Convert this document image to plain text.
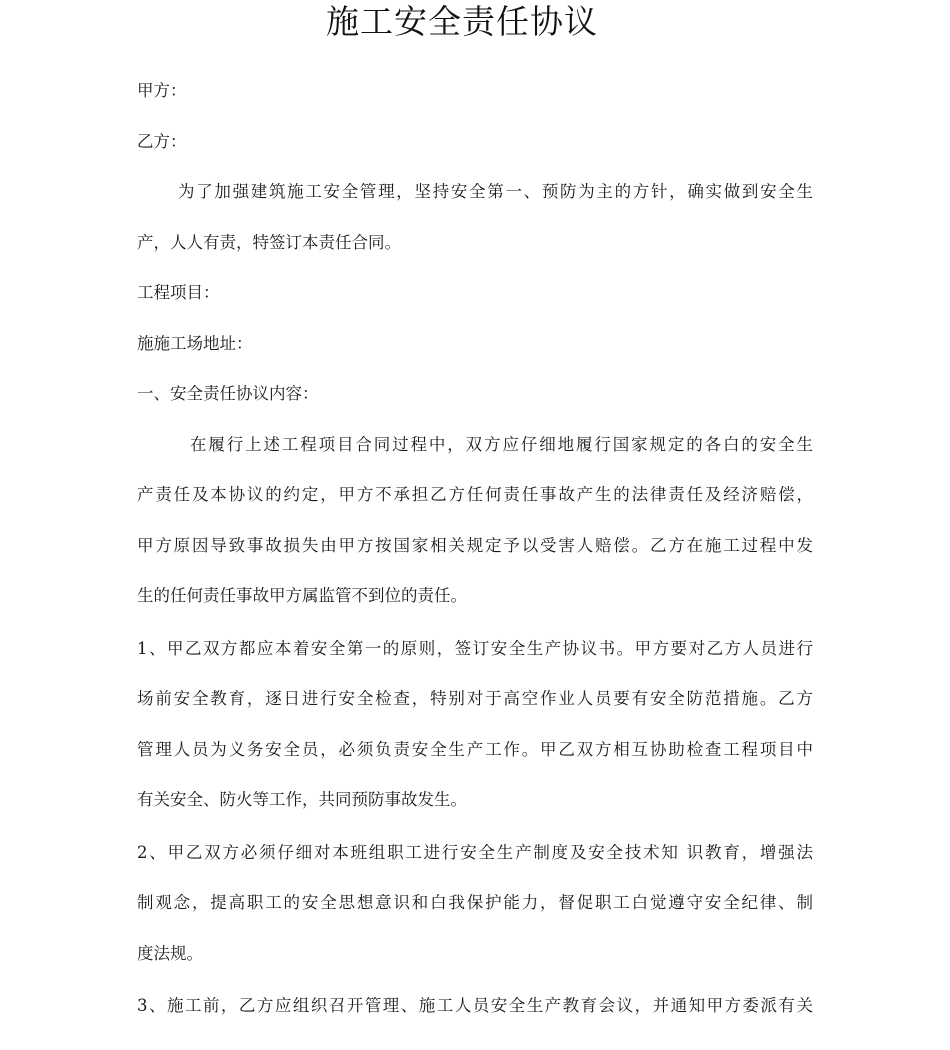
施工安全责任协议
甲方：
乙方：
为了加强建筑施工安全管理，坚持安全第一、预防为主的方针，确实做到安全生
产，人人有责，特签订本责任合同。
工程项目：
施施工场地址：
一、安全责任协议内容：
在履行上述工程项目合同过程中，双方应仔细地履行国家规定的各白的安全生
产责任及本协议的约定，甲方不承担乙方任何责任事故产生的法律责任及经济赔偿，
甲方原因导致事故损失由甲方按国家相关规定予以受害人赔偿。乙方在施工过程中发
生的任何责任事故甲方属监管不到位的责任。
1、甲乙双方都应本着安全第一的原则，签订安全生产协议书。甲方要对乙方人员进行
场前安全教育，逐日进行安全检查，特别对于高空作业人员要有安全防范措施。乙方
管理人员为义务安全员，必须负责安全生产工作。甲乙双方相互协助检查工程项目中
有关安全、防火等工作，共同预防事故发生。
2、甲乙双方必须仔细对本班组职工进行安全生产制度及安全技术知 识教育，增强法
制观念，提高职工的安全思想意识和白我保护能力，督促职工白觉遵守安全纪律、制
度法规。
3、施工前，乙方应组织召开管理、施工人员安全生产教育会议，并通知甲方委派有关
